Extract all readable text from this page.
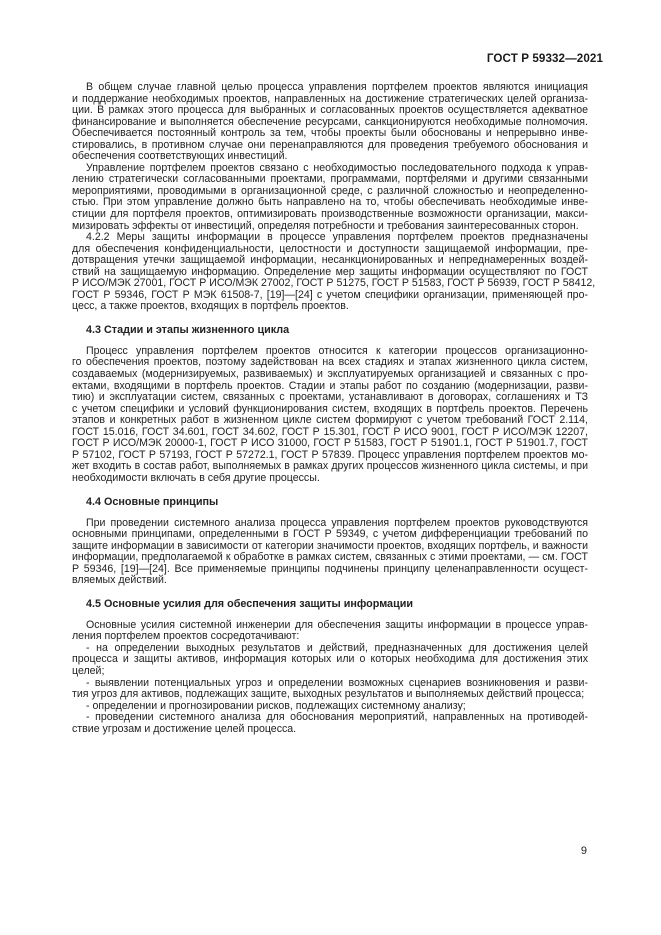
ГОСТ Р 59332—2021
В общем случае главной целью процесса управления портфелем проектов являются инициация
и поддержание необходимых проектов, направленных на достижение стратегических целей организа-
ции. В рамках этого процесса для выбранных и согласованных проектов осуществляется адекватное
финансирование и выполняется обеспечение ресурсами, санкционируются необходимые полномочия.
Обеспечивается постоянный контроль за тем, чтобы проекты были обоснованы и непрерывно инве-
стировались, в противном случае они перенаправляются для проведения требуемого обоснования и
обеспечения соответствующих инвестиций.
Управление портфелем проектов связано с необходимостью последовательного подхода к управ-
лению стратегически согласованными проектами, программами, портфелями и другими связанными
мероприятиями, проводимыми в организационной среде, с различной сложностью и неопределенно-
стью. При этом управление должно быть направлено на то, чтобы обеспечивать необходимые инве-
стиции для портфеля проектов, оптимизировать производственные возможности организации, макси-
мизировать эффекты от инвестиций, определяя потребности и требования заинтересованных сторон.
4.2.2 Меры защиты информации в процессе управления портфелем проектов предназначены
для обеспечения конфиденциальности, целостности и доступности защищаемой информации, пре-
дотвращения утечки защищаемой информации, несанкционированных и непреднамеренных воздей-
ствий на защищаемую информацию. Определение мер защиты информации осуществляют по ГОСТ
Р ИСО/МЭК 27001, ГОСТ Р ИСО/МЭК 27002, ГОСТ Р 51275, ГОСТ Р 51583, ГОСТ Р 56939, ГОСТ Р 58412,
ГОСТ Р 59346, ГОСТ Р МЭК 61508-7, [19]—[24] с учетом специфики организации, применяющей про-
цесс, а также проектов, входящих в портфель проектов.
4.3 Стадии и этапы жизненного цикла
Процесс управления портфелем проектов относится к категории процессов организационно-
го обеспечения проектов, поэтому задействован на всех стадиях и этапах жизненного цикла систем,
создаваемых (модернизируемых, развиваемых) и эксплуатируемых организацией и связанных с про-
ектами, входящими в портфель проектов. Стадии и этапы работ по созданию (модернизации, разви-
тию) и эксплуатации систем, связанных с проектами, устанавливают в договорах, соглашениях и ТЗ
с учетом специфики и условий функционирования систем, входящих в портфель проектов. Перечень
этапов и конкретных работ в жизненном цикле систем формируют с учетом требований ГОСТ 2.114,
ГОСТ 15.016, ГОСТ 34.601, ГОСТ 34.602, ГОСТ Р 15.301, ГОСТ Р ИСО 9001, ГОСТ Р ИСО/МЭК 12207,
ГОСТ Р ИСО/МЭК 20000-1, ГОСТ Р ИСО 31000, ГОСТ Р 51583, ГОСТ Р 51901.1, ГОСТ Р 51901.7, ГОСТ
Р 57102, ГОСТ Р 57193, ГОСТ Р 57272.1, ГОСТ Р 57839. Процесс управления портфелем проектов мо-
жет входить в состав работ, выполняемых в рамках других процессов жизненного цикла системы, и при
необходимости включать в себя другие процессы.
4.4 Основные принципы
При проведении системного анализа процесса управления портфелем проектов руководствуются
основными принципами, определенными в ГОСТ Р 59349, с учетом дифференциации требований по
защите информации в зависимости от категории значимости проектов, входящих портфель, и важности
информации, предполагаемой к обработке в рамках систем, связанных с этими проектами, — см. ГОСТ
Р 59346, [19]—[24]. Все применяемые принципы подчинены принципу целенаправленности осущест-
вляемых действий.
4.5 Основные усилия для обеспечения защиты информации
Основные усилия системной инженерии для обеспечения защиты информации в процессе управ-
ления портфелем проектов сосредотачивают:
- на определении выходных результатов и действий, предназначенных для достижения целей
процесса и защиты активов, информация которых или о которых необходима для достижения этих
целей;
- выявлении потенциальных угроз и определении возможных сценариев возникновения и разви-
тия угроз для активов, подлежащих защите, выходных результатов и выполняемых действий процесса;
- определении и прогнозировании рисков, подлежащих системному анализу;
- проведении системного анализа для обоснования мероприятий, направленных на противодей-
ствие угрозам и достижение целей процесса.
9
